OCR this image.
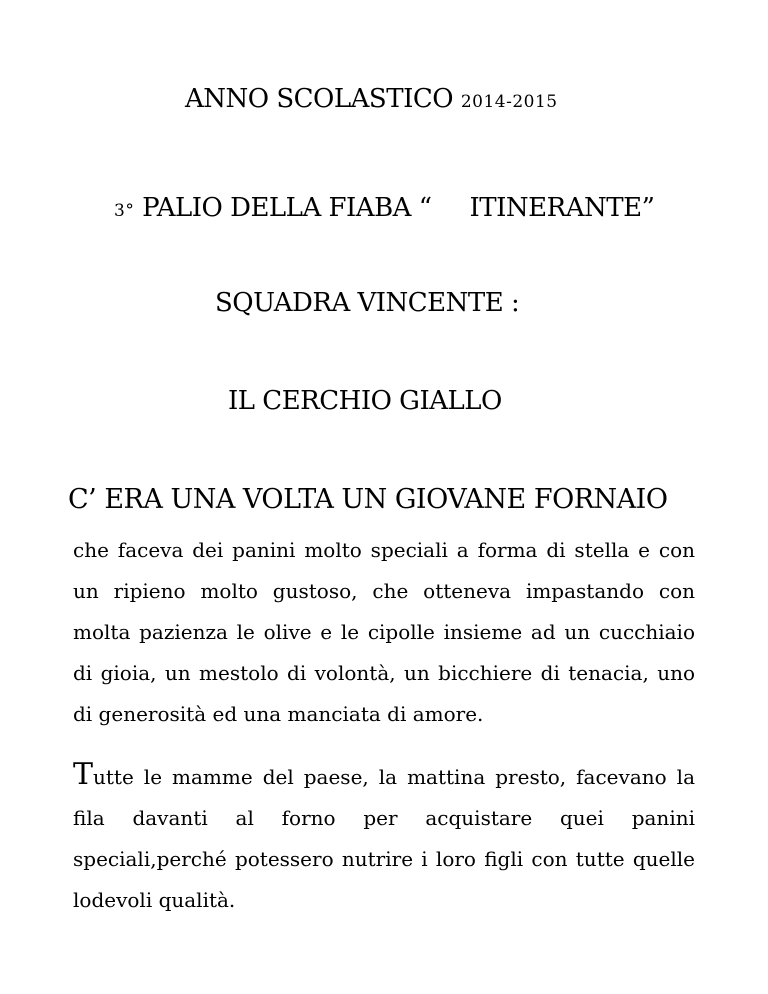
ANNO SCOLASTICO 2014-2015
3° PALIO DELLA FIABA “ ITINERANTE”
SQUADRA VINCENTE :
IL CERCHIO GIALLO
C’ ERA UNA VOLTA UN GIOVANE FORNAIO
che faceva dei panini molto speciali a forma di stella e con un ripieno molto gustoso, che otteneva impastando con molta pazienza le olive e le cipolle insieme ad un cucchiaio di gioia, un mestolo di volontà, un bicchiere di tenacia, uno di generosità ed una manciata di amore.
Tutte le mamme del paese, la mattina presto, facevano la fila davanti al forno per acquistare quei panini speciali,perché potessero nutrire i loro figli con tutte quelle lodevoli qualità.
